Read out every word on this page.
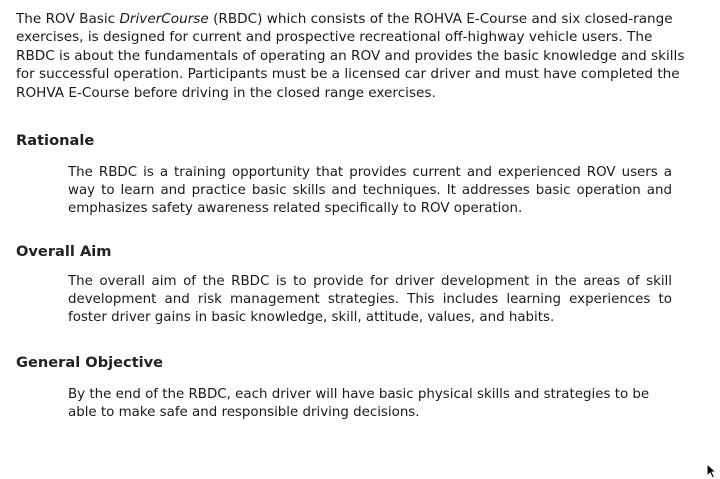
The ROV Basic DriverCourse (RBDC) which consists of the ROHVA E-Course and six closed-range exercises, is designed for current and prospective recreational off-highway vehicle users. The RBDC is about the fundamentals of operating an ROV and provides the basic knowledge and skills for successful operation. Participants must be a licensed car driver and must have completed the ROHVA E-Course before driving in the closed range exercises.

Rationale

The RBDC is a training opportunity that provides current and experienced ROV users a way to learn and practice basic skills and techniques. It addresses basic operation and emphasizes safety awareness related specifically to ROV operation.

Overall Aim

The overall aim of the RBDC is to provide for driver development in the areas of skill development and risk management strategies. This includes learning experiences to foster driver gains in basic knowledge, skill, attitude, values, and habits.

General Objective

By the end of the RBDC, each driver will have basic physical skills and strategies to be able to make safe and responsible driving decisions.
